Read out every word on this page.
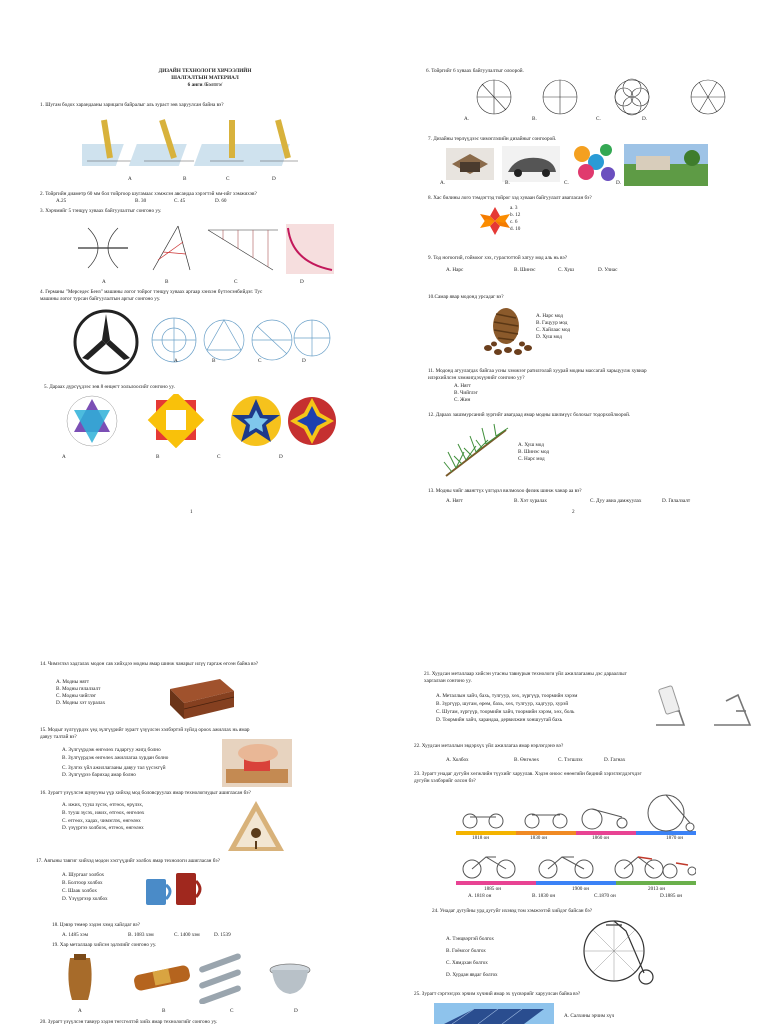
ДИЗАЙН ТЕХНОЛОГИ ХИЧЭЭЛИЙН
ШАЛГАЛТЫН МАТЕРИАЛ
6 анги /Бэлтгэ/
1. Шугам бодох харандааны зарицаги байралыг аль зураст зөв харуулсан байна вэ?
A	B	C	D
2. Тойргийн диаметр 60 мм бол тойргоор шугамаас хэмжсэн авсандаа хэрэгтэй мм-ийг хэмжихэв?
A.25	B. 30	C. 45	D. 60
3. Хэрчмийг 5 тэнцүү хуваах байгуулалтыг сонгоно уу.
A	B	C	D
4. Германы "Мерседес Бенз" машины логог тойрог тэнцүү хуваах аргаар хэнхэн бүтээсэнбийдэг. Тус
машины логог турсан байгуулалтын аргыг сонгоно уу.
A	B	C	D
5. Дараах дүрсүүдээс зөв 8 өнцөгт хольлоосийг сонгоно уу.
A	B	C	D
1
6. Тойргийг 6 хуваах байгуулалтыг олоорой.
A.	B.	C.	D.
7. Дизайны төрлүүдээс чимэглэлийн дизайныг сонгоорой.
A.	B.	C.	D.
8. Хас билины лого тэмдэгтэд тойрог хэд хуваан байгуулалт авагласан бэ?
a. 3
b. 12
c. 6
d. 10
9. Тод ногоогий, гоймоог хэх, гурастоттой хатуу мод аль нь вэ?
A. Нарс	B. Шинэс	C. Хуш	D. Улиас
10.Самар явар модонд урсадаг вэ?
A. Нарс мод
B. Гацуур мод
C. Хайлаас мод
D. Хуш мод
11. Модонд агуулагдах байгаа усны хэмжээг ратилголай хуурай модны массагай харьцуулж хувиар
илэрхийлсэн хэмжигдэхүүнийг сонгоно уу?
A. Нягт
B. Чийглэг
C. Жин
12. Дараах зашзмурсаний зургийг авагдаад ямар модны шилмүүс болохыг тодорхойлоорой.
A. Хуш мод
B. Шинэс мод
C. Нарс мод
13. Модны чийг авангтүх үлгэдэл вилмохоо физик шинж чанар аа вэ?
A. Нягт	B. Хэт хуралах	C. Дуу авиа дамжуулах	D. Гялалзалт
2
14. Чимэглэл хадгалах модон сав хийхдээ модны ямар шинж чанарыг илүү гаргаж өгсөн байна вэ?
A. Модны нягт
B. Модны гялалзалт
C. Модны чийглэг
D. Модны хэт хуралах
15. Модыг зүлгүүрдэх үед зүлгүүрийг зурагт үзүүлсэн хэлбэртэй зүйлд ороох ажиллах нь ямар
давуу талтай вэ?
A. Зүлгүүрдэж өнгөлөх гадаргуу жигд болно
B. Зүлгүүрдэж өнгөлөх ажиллагаа хурдан болно
C. Зүлгэх үйл ажиллагааны давуу тал үүсэхгүй
D. Зүлгүүрээ барихад амар болно
16. Зурагт үзүүлсэн шувууны үүр хийхэд мод боловсруулах ямар технологиудыг ашигласан бэ?
A. ижих, тууш зүсэх, өтгөох, өрүлэх,
B. тууш зүсэх, ижих, өтгөох, өнгөлөх
C. өтгөох, хадах, чимэглэх, өнгөлөх
D. үзүүргээ холбоэх, өтгөох, өнгөлөх
17. Аягыны тавгиг хийхэд модон хэсгүүдийг холбох ямар технологи ашигласан бэ?
A. Шургааг холбох
B. Болтоор холбох
C. Шаак холбох
D. Үзүүргээр холбох
18. Цэвэр төмөр хэдэн хэмд хайлдаг вэ?
A. 1485 хэм	B. 1083 хэм	C. 1400 хэм	D. 1539
19. Хар металлаар хийсэн эдлэлийг сонгоно уу.
A	B	C	D
20. Зурагт үзүүлсэн тавиур хэдэн төгсгөлтэй хийх ямар технологийг сонгоно уу.
21. Хуудсан металлаар хийсэн утасны тавиурын технологи үйл ажиллагааны дэс дарааллыг
харгалзан сонгоно уу.
A. Металлын хайч, бахь, тулгуур, хөх, зүргүүр, тоормийн хэрэм
B. Зүргүүр, шугам, өрөм, бахь, хөх, тулгуур, хадгуур, хурэй
C. Шугам, зүргүүр, тоормийн хайч, тоормийн хэрэм, хөх, боль
D. Тоормийн хайч, харандаа, дервилжин хоншуутай бахь
22. Хуудсан металлын эвдэрхүх үйл ажиллагаа ямар нэрлэгдэнэ вэ?
A. Холбох	B. Өнгөлөх	C. Тэгшлэх	D. Гагнах
23. Зурагт унадаг дугуйн хөгжлийн түүхийг харуулав. Хэдэн оноос өнөөгийн бидний хэрэглэгддэгчдэг
дугуйн хэлбэрийг олсон бэ?
1818 он	1830 он	1860 он	1870 он
1885 он	1900 он	2013 он
A. 1818 он	B. 1830 он	C.1870 он	D.1885 он
24. Унадаг дугуйны урд дугуйг ихэвэд том хэмжээтэй хийдэг байсан бэ?
A. Тэнцвэртэй болгох
B. Гоёмсог болгох
C. Хямдхан болгох
D. Хурдан явдаг болгох
25. Зурагт сэргээгдэх эрчим хүчний ямар эх үүсвэрийг харуулсан байна вэ?
A. Салхины эрчим хүч
